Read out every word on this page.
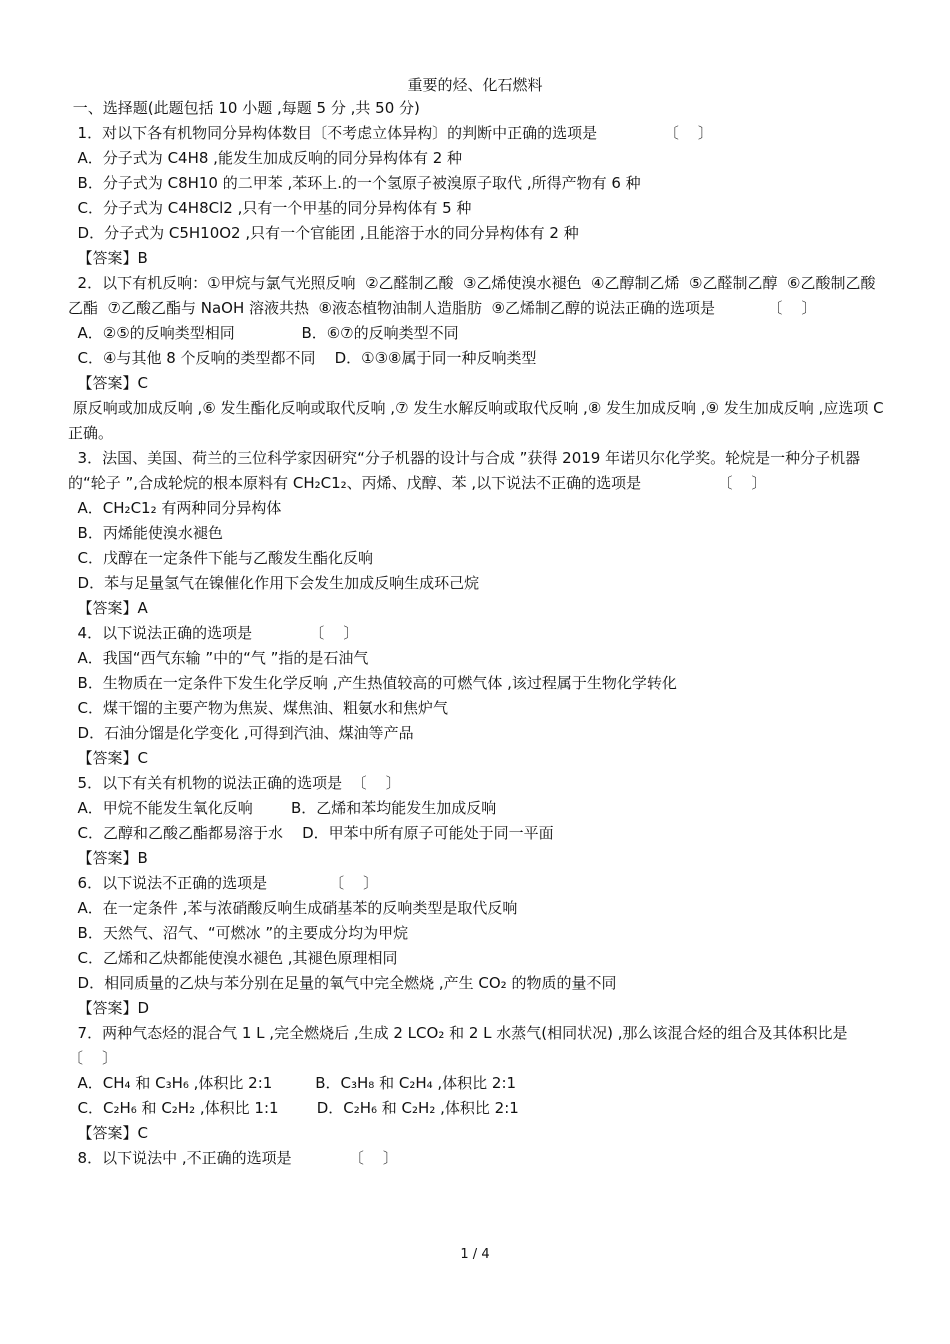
重要的烃、化石燃料
一、选择题(此题包括 10 小题 ,每题 5 分 ,共 50 分)
1．对以下各有机物同分异构体数目〔不考虑立体异构〕的判断中正确的选项是              〔    〕
A．分子式为 C4H8 ,能发生加成反响的同分异构体有 2 种
B．分子式为 C8H10 的二甲苯 ,苯环上.的一个氢原子被溴原子取代 ,所得产物有 6 种
C．分子式为 C4H8Cl2 ,只有一个甲基的同分异构体有 5 种
D．分子式为 C5H10O2 ,只有一个官能团 ,且能溶于水的同分异构体有 2 种
【答案】B
2．以下有机反响：①甲烷与氯气光照反响  ②乙醛制乙酸  ③乙烯使溴水褪色  ④乙醇制乙烯  ⑤乙醛制乙醇  ⑥乙酸制乙酸乙酯  ⑦乙酸乙酯与 NaOH 溶液共热  ⑧液态植物油制人造脂肪  ⑨乙烯制乙醇的说法正确的选项是           〔    〕
A．②⑤的反响类型相同              B．⑥⑦的反响类型不同
C．④与其他 8 个反响的类型都不同    D．①③⑧属于同一种反响类型
【答案】C
原反响或加成反响 ,⑥ 发生酯化反响或取代反响 ,⑦ 发生水解反响或取代反响 ,⑧ 发生加成反响 ,⑨ 发生加成反响 ,应选项 C 正确。
3．法国、美国、荷兰的三位科学家因研究“分子机器的设计与合成 ”获得 2019 年诺贝尔化学奖。轮烷是一种分子机器的“轮子 ”,合成轮烷的根本原料有 CH₂C1₂、丙烯、戊醇、苯 ,以下说法不正确的选项是                〔    〕
A．CH₂C1₂ 有两种同分异构体
B．丙烯能使溴水褪色
C．戊醇在一定条件下能与乙酸发生酯化反响
D．苯与足量氢气在镍催化作用下会发生加成反响生成环己烷
【答案】A
4．以下说法正确的选项是            〔    〕
A．我国“西气东输 ”中的“气 ”指的是石油气
B．生物质在一定条件下发生化学反响 ,产生热值较高的可燃气体 ,该过程属于生物化学转化
C．煤干馏的主要产物为焦炭、煤焦油、粗氨水和焦炉气
D．石油分馏是化学变化 ,可得到汽油、煤油等产品
【答案】C
5．以下有关有机物的说法正确的选项是  〔    〕
A．甲烷不能发生氧化反响        B．乙烯和苯均能发生加成反响
C．乙醇和乙酸乙酯都易溶于水    D．甲苯中所有原子可能处于同一平面
【答案】B
6．以下说法不正确的选项是             〔    〕
A．在一定条件 ,苯与浓硝酸反响生成硝基苯的反响类型是取代反响
B．天然气、沼气、“可燃冰 ”的主要成分均为甲烷
C．乙烯和乙炔都能使溴水褪色 ,其褪色原理相同
D．相同质量的乙炔与苯分别在足量的氧气中完全燃烧 ,产生 CO₂ 的物质的量不同
【答案】D
7．两种气态烃的混合气 1 L ,完全燃烧后 ,生成 2 LCO₂ 和 2 L 水蒸气(相同状况) ,那么该混合烃的组合及其体积比是          〔    〕
A．CH₄ 和 C₃H₆ ,体积比 2:1         B．C₃H₈ 和 C₂H₄ ,体积比 2:1
C．C₂H₆ 和 C₂H₂ ,体积比 1:1        D．C₂H₆ 和 C₂H₂ ,体积比 2:1
【答案】C
8．以下说法中 ,不正确的选项是            〔    〕
1 / 4
